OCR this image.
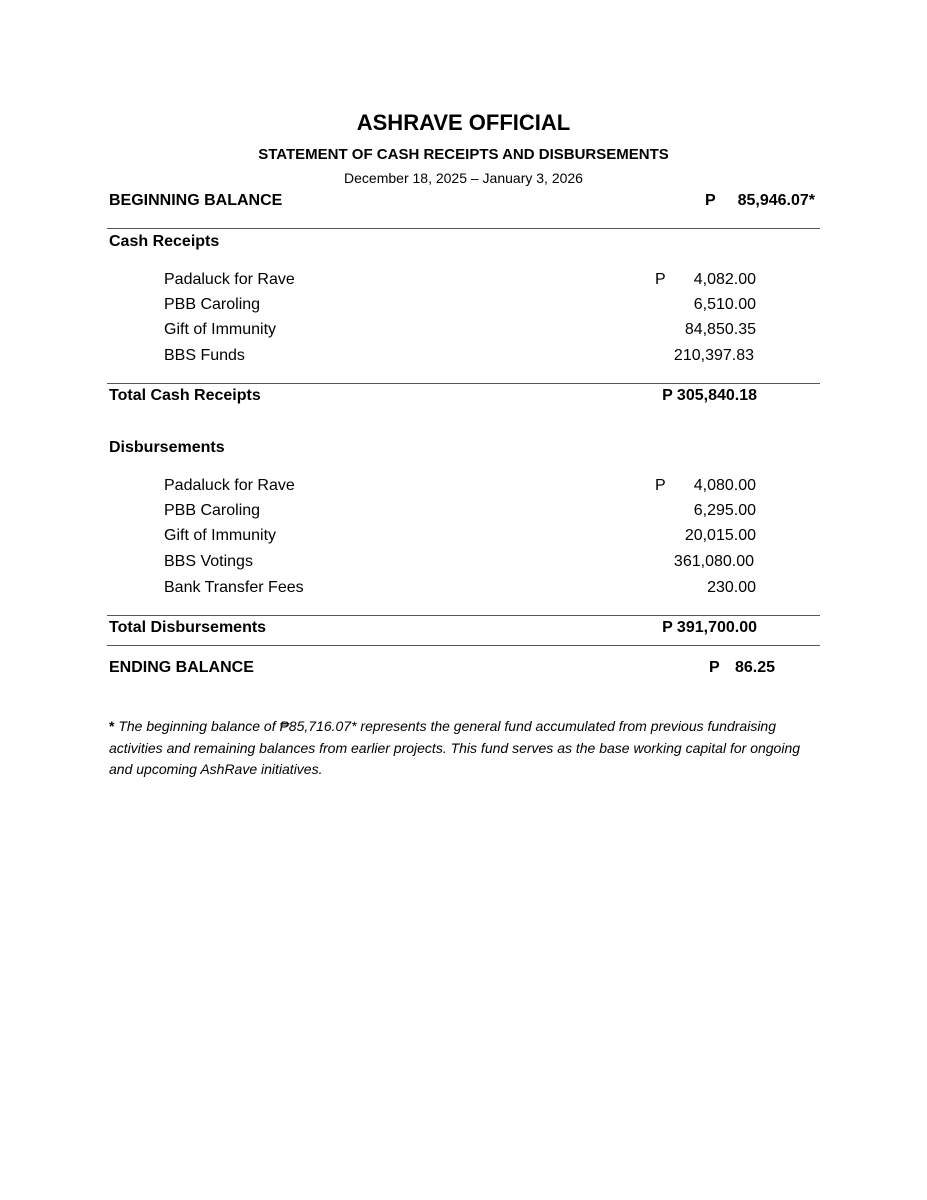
ASHRAVE OFFICIAL
STATEMENT OF CASH RECEIPTS AND DISBURSEMENTS
December 18, 2025 – January 3, 2026
BEGINNING BALANCE	P 85,946.07*
Cash Receipts
Padaluck for Rave	P 4,082.00
PBB Caroling	6,510.00
Gift of Immunity	84,850.35
BBS Funds	210,397.83
Total Cash Receipts	P 305,840.18
Disbursements
Padaluck for Rave	P 4,080.00
PBB Caroling	6,295.00
Gift of Immunity	20,015.00
BBS Votings	361,080.00
Bank Transfer Fees	230.00
Total Disbursements	P 391,700.00
ENDING BALANCE	P 86.25
* The beginning balance of ₱85,716.07* represents the general fund accumulated from previous fundraising activities and remaining balances from earlier projects. This fund serves as the base working capital for ongoing and upcoming AshRave initiatives.
